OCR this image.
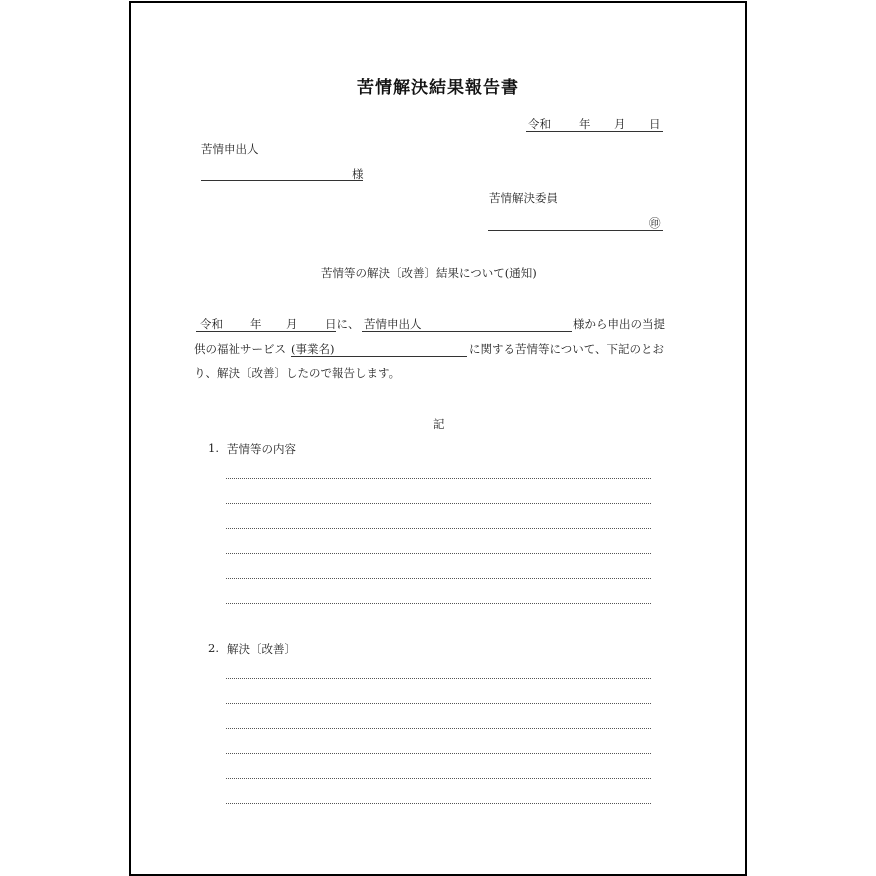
苦情解決結果報告書
令和 年 月 日
苦情申出人
様
苦情解決委員
㊞
苦情等の解決〔改善〕結果について(通知)
令和 年 月 日に、 苦情申出人	様から申出の当提
供の福祉サービス (事業名)	に関する苦情等について、下記のとお
り、解決〔改善〕したので報告します。
記
1. 苦情等の内容
2. 解決〔改善〕
